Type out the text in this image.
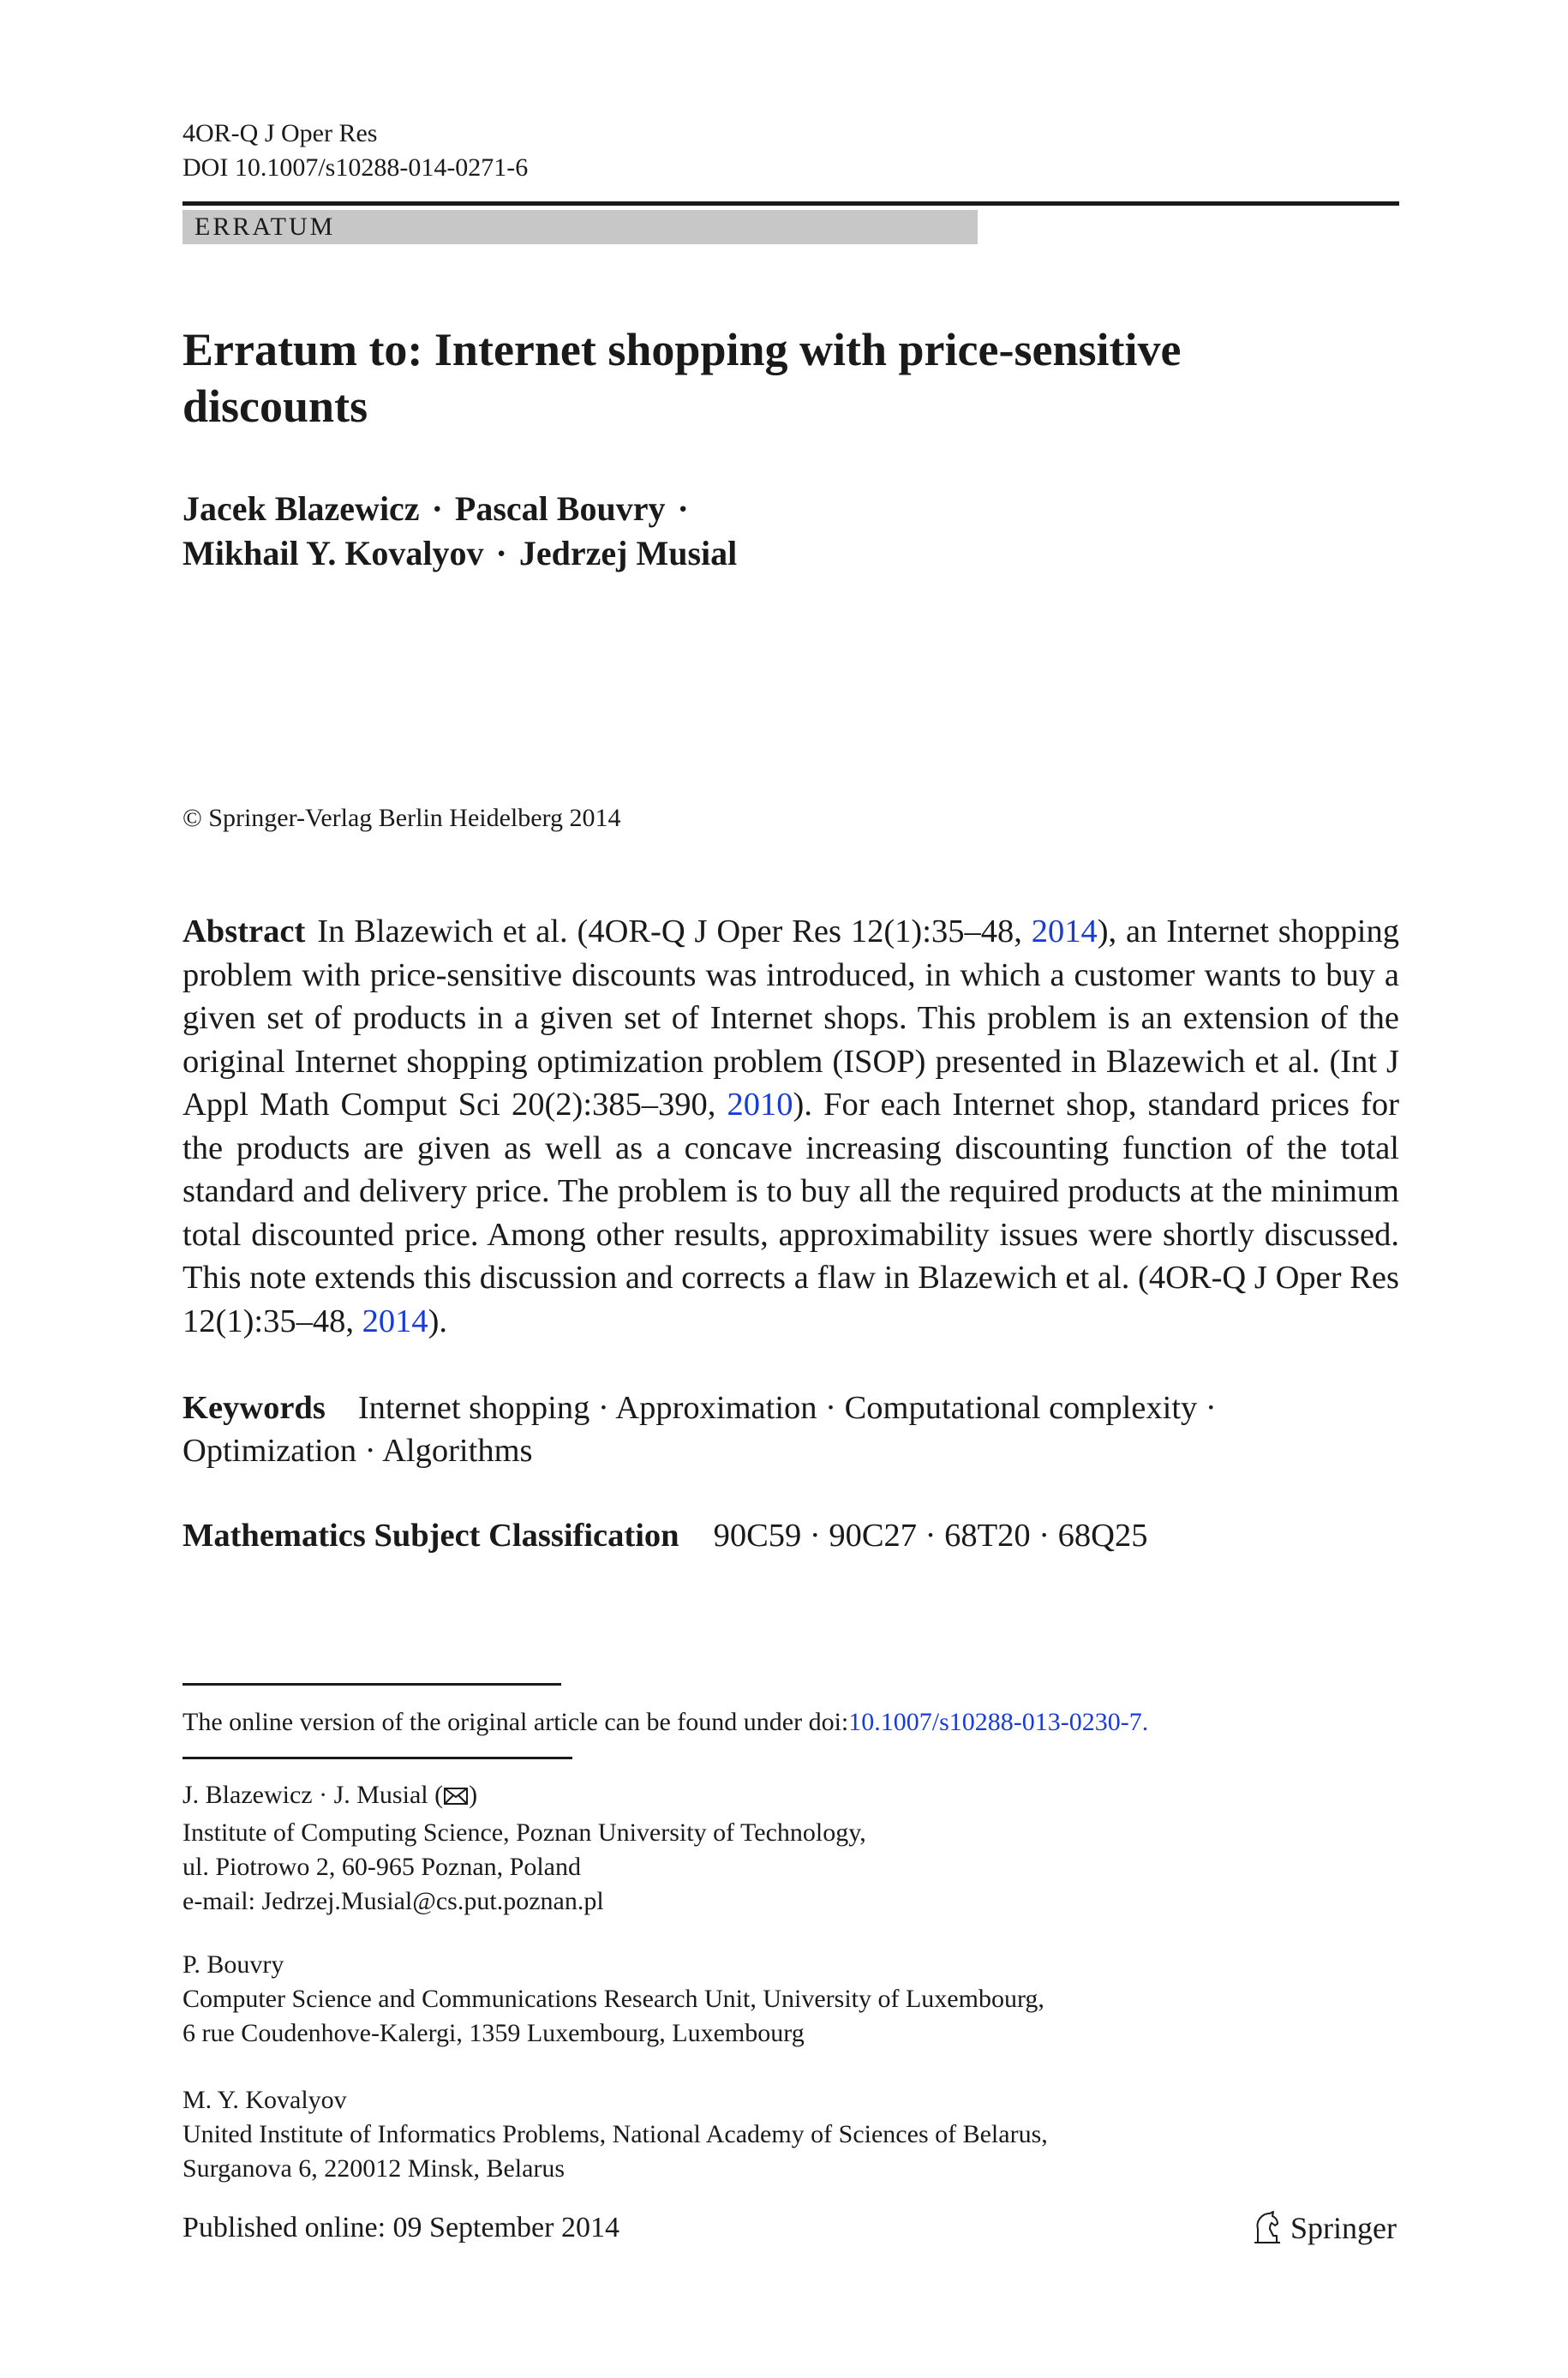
4OR-Q J Oper Res
DOI 10.1007/s10288-014-0271-6
ERRATUM
Erratum to: Internet shopping with price-sensitive
discounts
Jacek Blazewicz · Pascal Bouvry ·
Mikhail Y. Kovalyov · Jedrzej Musial
© Springer-Verlag Berlin Heidelberg 2014
Abstract In Blazewich et al. (4OR-Q J Oper Res 12(1):35–48, 2014), an Internet shopping problem with price-sensitive discounts was introduced, in which a customer wants to buy a given set of products in a given set of Internet shops. This problem is an extension of the original Internet shopping optimization problem (ISOP) presented in Blazewich et al. (Int J Appl Math Comput Sci 20(2):385–390, 2010). For each Internet shop, standard prices for the products are given as well as a concave increasing discounting function of the total standard and delivery price. The problem is to buy all the required products at the minimum total discounted price. Among other results, approximability issues were shortly discussed. This note extends this discussion and corrects a flaw in Blazewich et al. (4OR-Q J Oper Res 12(1):35–48, 2014).
Keywords Internet shopping · Approximation · Computational complexity ·
Optimization · Algorithms
Mathematics Subject Classification 90C59 · 90C27 · 68T20 · 68Q25
The online version of the original article can be found under doi:10.1007/s10288-013-0230-7.
J. Blazewicz · J. Musial ( )
Institute of Computing Science, Poznan University of Technology,
ul. Piotrowo 2, 60-965 Poznan, Poland
e-mail: Jedrzej.Musial@cs.put.poznan.pl
P. Bouvry
Computer Science and Communications Research Unit, University of Luxembourg,
6 rue Coudenhove-Kalergi, 1359 Luxembourg, Luxembourg
M. Y. Kovalyov
United Institute of Informatics Problems, National Academy of Sciences of Belarus,
Surganova 6, 220012 Minsk, Belarus
Published online: 09 September 2014	Springer
